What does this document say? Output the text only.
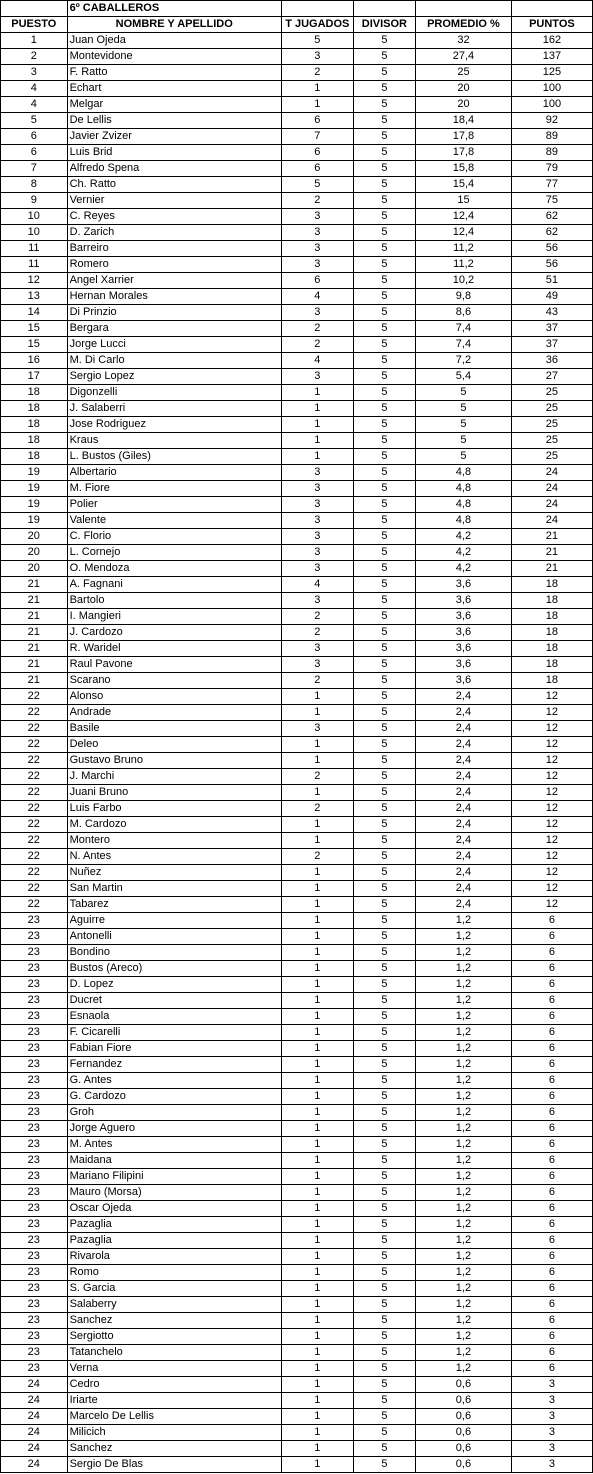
	6º CABALLEROS				
PUESTO	NOMBRE Y APELLIDO	T JUGADOS	DIVISOR	PROMEDIO %	PUNTOS
1	Juan Ojeda	5	5	32	162
2	Montevidone	3	5	27,4	137
3	F. Ratto	2	5	25	125
4	Echart	1	5	20	100
4	Melgar	1	5	20	100
5	De Lellis	6	5	18,4	92
6	Javier Zvizer	7	5	17,8	89
6	Luis Brid	6	5	17,8	89
7	Alfredo Spena	6	5	15,8	79
8	Ch. Ratto	5	5	15,4	77
9	Vernier	2	5	15	75
10	C. Reyes	3	5	12,4	62
10	D. Zarich	3	5	12,4	62
11	Barreiro	3	5	11,2	56
11	Romero	3	5	11,2	56
12	Angel Xarrier	6	5	10,2	51
13	Hernan Morales	4	5	9,8	49
14	Di Prinzio	3	5	8,6	43
15	Bergara	2	5	7,4	37
15	Jorge Lucci	2	5	7,4	37
16	M. Di Carlo	4	5	7,2	36
17	Sergio Lopez	3	5	5,4	27
18	Digonzelli	1	5	5	25
18	J. Salaberri	1	5	5	25
18	Jose Rodriguez	1	5	5	25
18	Kraus	1	5	5	25
18	L. Bustos (Giles)	1	5	5	25
19	Albertario	3	5	4,8	24
19	M. Fiore	3	5	4,8	24
19	Polier	3	5	4,8	24
19	Valente	3	5	4,8	24
20	C. Florio	3	5	4,2	21
20	L. Cornejo	3	5	4,2	21
20	O. Mendoza	3	5	4,2	21
21	A. Fagnani	4	5	3,6	18
21	Bartolo	3	5	3,6	18
21	I. Mangieri	2	5	3,6	18
21	J. Cardozo	2	5	3,6	18
21	R. Waridel	3	5	3,6	18
21	Raul Pavone	3	5	3,6	18
21	Scarano	2	5	3,6	18
22	Alonso	1	5	2,4	12
22	Andrade	1	5	2,4	12
22	Basile	3	5	2,4	12
22	Deleo	1	5	2,4	12
22	Gustavo Bruno	1	5	2,4	12
22	J. Marchi	2	5	2,4	12
22	Juani Bruno	1	5	2,4	12
22	Luis Farbo	2	5	2,4	12
22	M. Cardozo	1	5	2,4	12
22	Montero	1	5	2,4	12
22	N. Antes	2	5	2,4	12
22	Nuñez	1	5	2,4	12
22	San Martin	1	5	2,4	12
22	Tabarez	1	5	2,4	12
23	Aguirre	1	5	1,2	6
23	Antonelli	1	5	1,2	6
23	Bondino	1	5	1,2	6
23	Bustos (Areco)	1	5	1,2	6
23	D. Lopez	1	5	1,2	6
23	Ducret	1	5	1,2	6
23	Esnaola	1	5	1,2	6
23	F. Cicarelli	1	5	1,2	6
23	Fabian Fiore	1	5	1,2	6
23	Fernandez	1	5	1,2	6
23	G. Antes	1	5	1,2	6
23	G. Cardozo	1	5	1,2	6
23	Groh	1	5	1,2	6
23	Jorge Aguero	1	5	1,2	6
23	M. Antes	1	5	1,2	6
23	Maidana	1	5	1,2	6
23	Mariano Filipini	1	5	1,2	6
23	Mauro (Morsa)	1	5	1,2	6
23	Oscar Ojeda	1	5	1,2	6
23	Pazaglia	1	5	1,2	6
23	Pazaglia	1	5	1,2	6
23	Rivarola	1	5	1,2	6
23	Romo	1	5	1,2	6
23	S. Garcia	1	5	1,2	6
23	Salaberry	1	5	1,2	6
23	Sanchez	1	5	1,2	6
23	Sergiotto	1	5	1,2	6
23	Tatanchelo	1	5	1,2	6
23	Verna	1	5	1,2	6
24	Cedro	1	5	0,6	3
24	Iriarte	1	5	0,6	3
24	Marcelo De Lellis	1	5	0,6	3
24	Milicich	1	5	0,6	3
24	Sanchez	1	5	0,6	3
24	Sergio De Blas	1	5	0,6	3
